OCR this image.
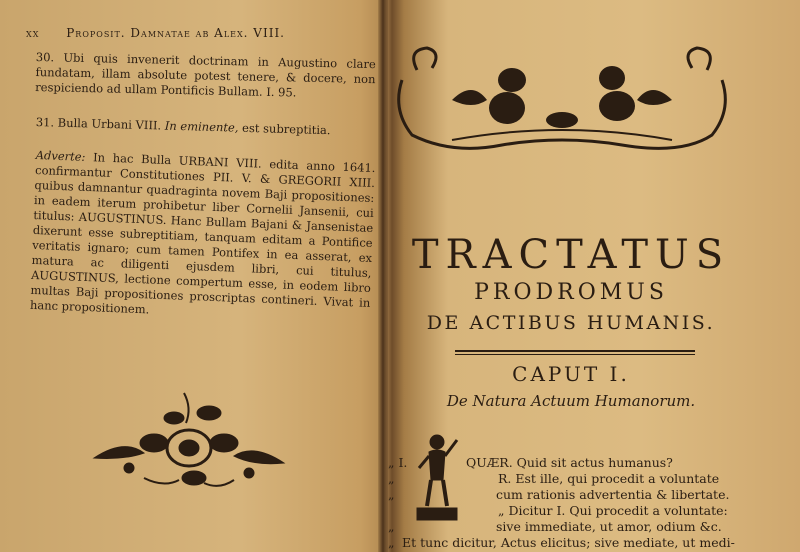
xx Proposit. Damnatae ab Alex. VIII.
30. Ubi quis invenerit doctrinam in Augustino clare fundatam, illam absolute potest tenere, & docere, non respiciendo ad ullam Pontificis Bullam. I. 95.
31. Bulla Urbani VIII. In eminente, est subreptitia.
Adverte: In hac Bulla URBANI VIII. edita anno 1641. confirmantur Constitutiones PII. V. & GREGORII XIII. quibus damnantur quadraginta novem Baji propositiones: in eadem iterum prohibetur liber Cornelii Jansenii, cui titulus: AUGUSTINUS. Hanc Bullam Bajani & Jansenistae dixerunt esse subreptitiam, tanquam editam a Pontifice veritatis ignaro; cum tamen Pontifex in ea asserat, ex matura ac diligenti ejusdem libri, cui titulus, AUGUSTINUS, lectione compertum esse, in eodem libro multas Baji propositiones proscriptas contineri. Vivat in hanc propositionem.
TRACTATUS
PRODROMUS
DE ACTIBUS HUMANIS.
CAPUT I.
De Natura Actuum Humanorum.
„ I.	QUÆR. Quid sit actus humanus?
„	R. Est ille, qui procedit a voluntate
„	cum rationis advertentia & libertate.
„ Dicitur I. Qui procedit a voluntate:
„	sive immediate, ut amor, odium &c.
„ Et tunc dicitur, Actus elicitus; sive mediate, ut medi-
